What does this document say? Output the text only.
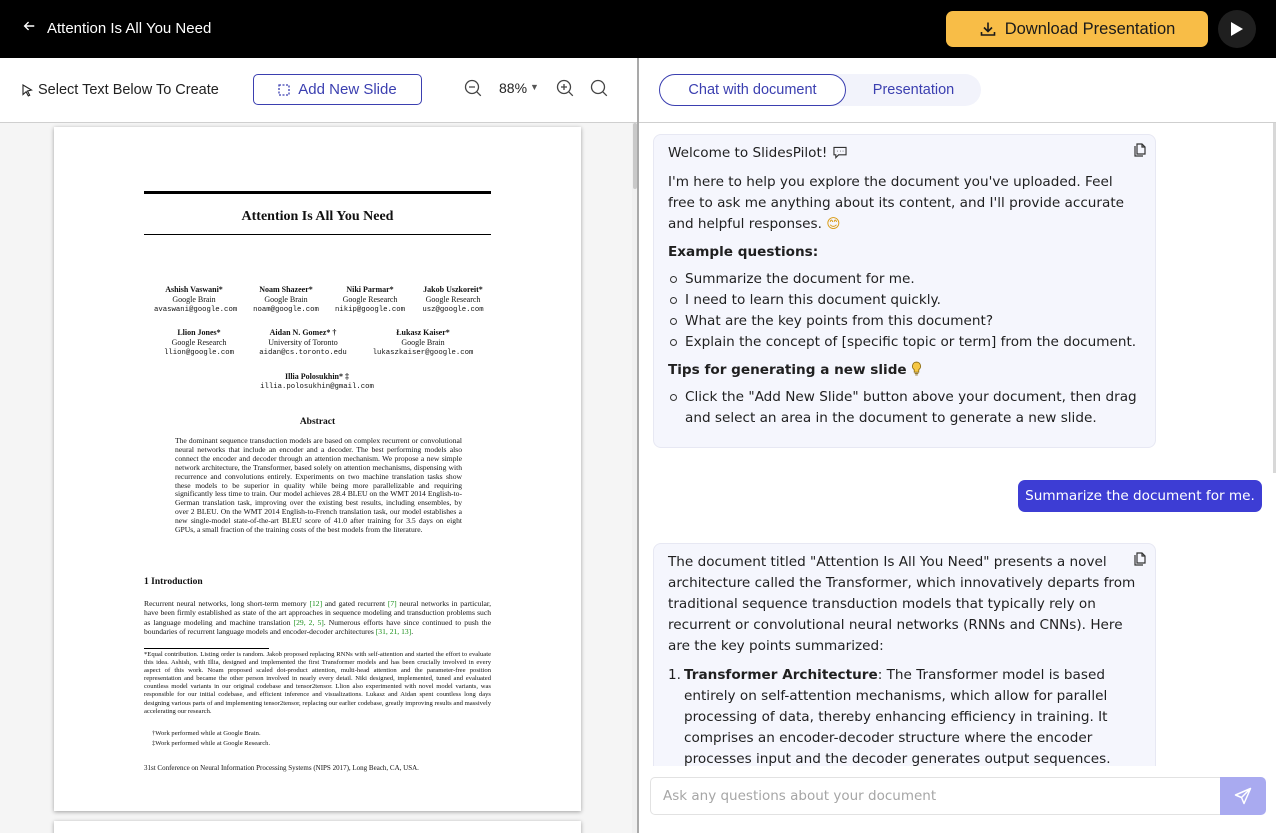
Attention Is All You Need	Download Presentation
Select Text Below To Create	Add New Slide	88% ▼
Attention Is All You Need
Ashish Vaswani*
Google Brain
avaswani@google.com
Noam Shazeer*
Google Brain
noam@google.com
Niki Parmar*
Google Research
nikip@google.com
Jakob Uszkoreit*
Google Research
usz@google.com
Llion Jones*
Google Research
llion@google.com
Aidan N. Gomez* †
University of Toronto
aidan@cs.toronto.edu
Łukasz Kaiser*
Google Brain
lukaszkaiser@google.com
Illia Polosukhin* ‡
illia.polosukhin@gmail.com
Abstract
The dominant sequence transduction models are based on complex recurrent or convolutional neural networks that include an encoder and a decoder. The best performing models also connect the encoder and decoder through an attention mechanism. We propose a new simple network architecture, the Transformer, based solely on attention mechanisms, dispensing with recurrence and convolutions entirely. Experiments on two machine translation tasks show these models to be superior in quality while being more parallelizable and requiring significantly less time to train. Our model achieves 28.4 BLEU on the WMT 2014 English-to-German translation task, improving over the existing best results, including ensembles, by over 2 BLEU. On the WMT 2014 English-to-French translation task, our model establishes a new single-model state-of-the-art BLEU score of 41.0 after training for 3.5 days on eight GPUs, a small fraction of the training costs of the best models from the literature.
1 Introduction
Recurrent neural networks, long short-term memory [12] and gated recurrent [7] neural networks in particular, have been firmly established as state of the art approaches in sequence modeling and transduction problems such as language modeling and machine translation [29, 2, 5]. Numerous efforts have since continued to push the boundaries of recurrent language models and encoder-decoder architectures [31, 21, 13].
*Equal contribution. Listing order is random. Jakob proposed replacing RNNs with self-attention and started the effort to evaluate this idea. Ashish, with Illia, designed and implemented the first Transformer models and has been crucially involved in every aspect of this work. Noam proposed scaled dot-product attention, multi-head attention and the parameter-free position representation and became the other person involved in nearly every detail. Niki designed, implemented, tuned and evaluated countless model variants in our original codebase and tensor2tensor. Llion also experimented with novel model variants, was responsible for our initial codebase, and efficient inference and visualizations. Lukasz and Aidan spent countless long days designing various parts of and implementing tensor2tensor, replacing our earlier codebase, greatly improving results and massively accelerating our research.
†Work performed while at Google Brain.
‡Work performed while at Google Research.
31st Conference on Neural Information Processing Systems (NIPS 2017), Long Beach, CA, USA.
Chat with document	Presentation

Welcome to SlidesPilot!

I'm here to help you explore the document you've uploaded. Feel free to ask me anything about its content, and I'll provide accurate and helpful responses. 😊

Example questions:

Summarize the document for me.
I need to learn this document quickly.
What are the key points from this document?
Explain the concept of [specific topic or term] from the document.

Tips for generating a new slide

Click the "Add New Slide" button above your document, then drag and select an area in the document to generate a new slide.
Summarize the document for me.

The document titled "Attention Is All You Need" presents a novel architecture called the Transformer, which innovatively departs from traditional sequence transduction models that typically rely on recurrent or convolutional neural networks (RNNs and CNNs). Here are the key points summarized:

1. Transformer Architecture: The Transformer model is based entirely on self-attention mechanisms, which allow for parallel processing of data, thereby enhancing efficiency in training. It comprises an encoder-decoder structure where the encoder processes input and the decoder generates output sequences.
Ask any questions about your document
